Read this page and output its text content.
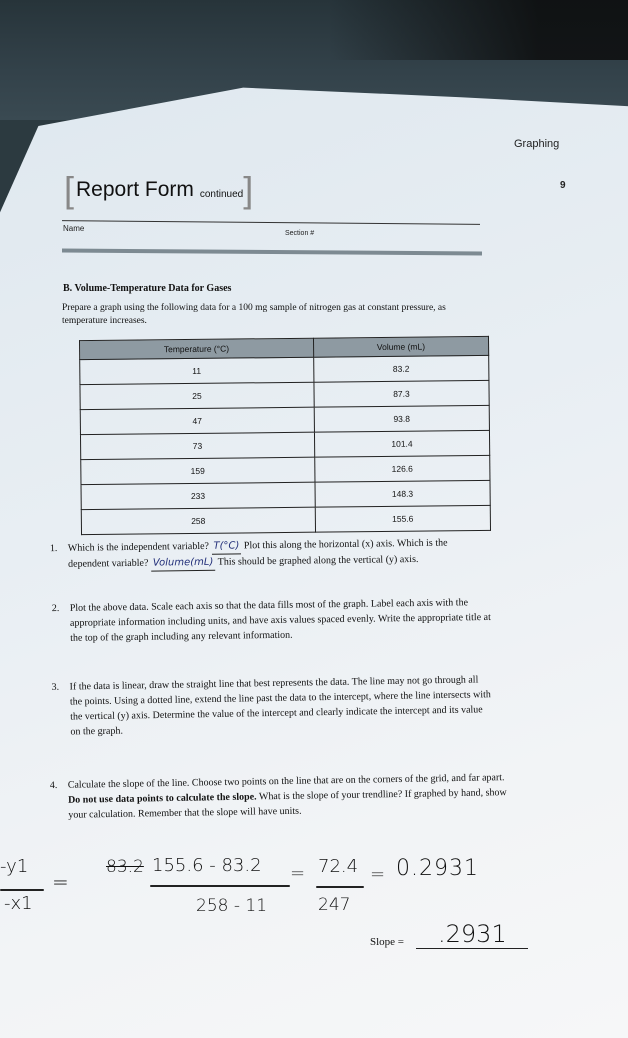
Graphing
9
[ Report Form continued ]
Name
Section #
B. Volume-Temperature Data for Gases
Prepare a graph using the following data for a 100 mg sample of nitrogen gas at constant pressure, as temperature increases.
Temperature (°C)	Volume (mL)
11	83.2
25	87.3
47	93.8
73	101.4
159	126.6
233	148.3
258	155.6
1.	Which is the independent variable? T(°C) Plot this along the horizontal (x) axis. Which is the dependent variable? Volume(mL) This should be graphed along the vertical (y) axis.
2.	Plot the above data. Scale each axis so that the data fills most of the graph. Label each axis with the appropriate information including units, and have axis values spaced evenly. Write the appropriate title at the top of the graph including any relevant information.
3.	If the data is linear, draw the straight line that best represents the data. The line may not go through all the points. Using a dotted line, extend the line past the data to the intercept, where the line intersects with the vertical (y) axis. Determine the value of the intercept and clearly indicate the intercept and its value on the graph.
4.	Calculate the slope of the line. Choose two points on the line that are on the corners of the grid, and far apart. Do not use data points to calculate the slope. What is the slope of your trendline? If graphed by hand, show your calculation. Remember that the slope will have units.
-y1
-x1
=
83.2 155.6 - 83.2
258 - 11
= 72.4
247
= 0.2931
Slope = .2931
